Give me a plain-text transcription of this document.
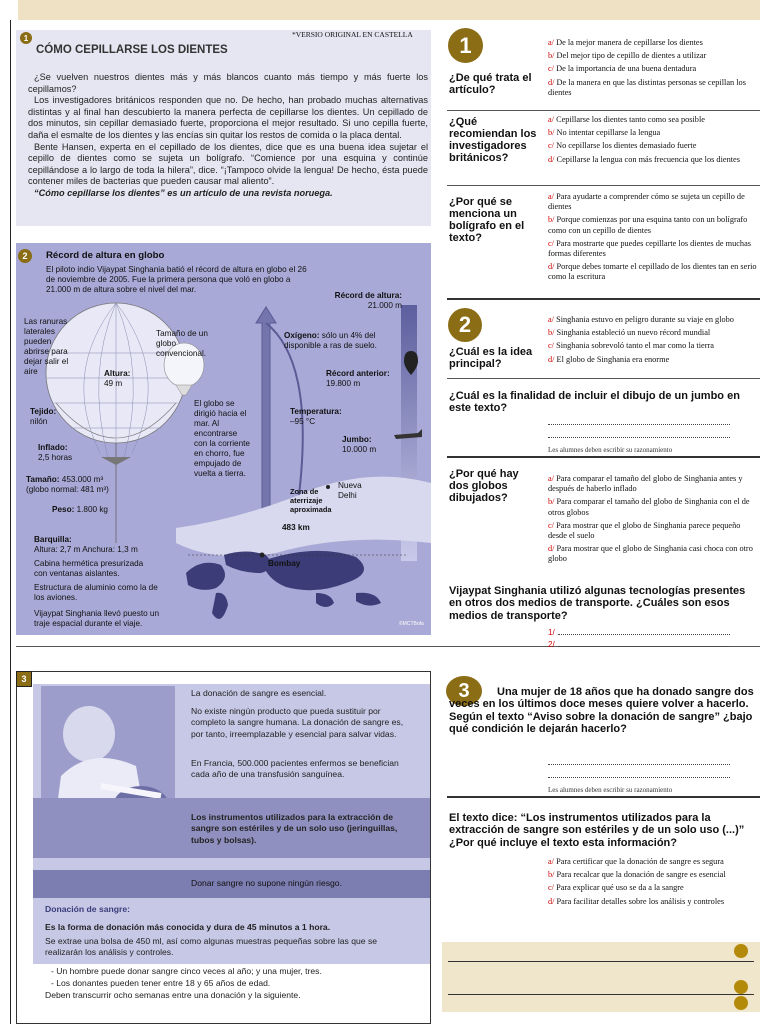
1	*VERSIO ORIGINAL EN CASTELLA
CÓMO CEPILLARSE LOS DIENTES

¿Se vuelven nuestros dientes más y más blancos cuanto más tiempo y más fuerte los cepillamos?

Los investigadores británicos responden que no. De hecho, han probado muchas alternativas distintas y al final han descubierto la manera perfecta de cepillarse los dientes. Un cepillado de dos minutos, sin cepillar demasiado fuerte, proporciona el mejor resultado. Si uno cepilla fuerte, daña el esmalte de los dientes y las encías sin quitar los restos de comida o la placa dental.

Bente Hansen, experta en el cepillado de los dientes, dice que es una buena idea sujetar el cepillo de dientes como se sujeta un bolígrafo. “Comience por una esquina y continúe cepillándose a lo largo de toda la hilera”, dice. “¡Tampoco olvide la lengua! De hecho, ésta puede contener miles de bacterias que pueden causar mal aliento”.

“Cómo cepillarse los dientes” es un artículo de una revista noruega.

2	Récord de altura en globo
El piloto indio Vijaypat Singhania batió el récord de altura en globo el 26 de noviembre de 2005. Fue la primera persona que voló en globo a 21.000 m de altura sobre el nivel del mar.
Récord de altura:
21.000 m
Las ranuras laterales pueden abrirse para dejar salir el aire
Tamaño de un globo convencional.
Altura:
49 m
Oxígeno: sólo un 4% del disponible a ras de suelo.
Récord anterior:
19.800 m
Tejido:
nilón
El globo se dirigió hacia el mar. Al encontrarse con la corriente en chorro, fue empujado de vuelta a tierra.
Temperatura:
–95 °C
Inflado:
2,5 horas
Jumbo:
10.000 m
Tamaño: 453.000 m³
(globo normal: 481 m³)
Peso: 1.800 kg
Zona de aterrizaje aproximada
Nueva Delhi
483 km
Bombay
Barquilla:
Altura: 2,7 m Anchura: 1,3 m
Cabina hermética presurizada con ventanas aislantes.
Estructura de aluminio como la de los aviones.
Vijaypat Singhania llevó puesto un traje espacial durante el viaje.	©MCTBofa
3
La donación de sangre es esencial.
No existe ningún producto que pueda sustituir por completo la sangre humana. La donación de sangre es, por tanto, irreemplazable y esencial para salvar vidas.
En Francia, 500.000 pacientes enfermos se benefician cada año de una transfusión sanguínea.
Los instrumentos utilizados para la extracción de sangre son estériles y de un solo uso (jeringuillas, tubos y bolsas).
Donar sangre no supone ningún riesgo.
Donación de sangre:
Es la forma de donación más conocida y dura de 45 minutos a 1 hora.
Se extrae una bolsa de 450 ml, así como algunas muestras pequeñas sobre las que se realizarán los análisis y controles.
- Un hombre puede donar sangre cinco veces al año; y una mujer, tres.
- Los donantes pueden tener entre 18 y 65 años de edad.
Deben transcurrir ocho semanas entre una donación y la siguiente.
1
¿De qué trata el artículo?
a/ De la mejor manera de cepillarse los dientes
b/ Del mejor tipo de cepillo de dientes a utilizar
c/ De la importancia de una buena dentadura
d/ De la manera en que las distintas personas se cepillan los dientes
¿Qué recomiendan los investigadores británicos?
a/ Cepillarse los dientes tanto como sea posible
b/ No intentar cepillarse la lengua
c/ No cepillarse los dientes demasiado fuerte
d/ Cepillarse la lengua con más frecuencia que los dientes
¿Por qué se menciona un bolígrafo en el texto?
a/ Para ayudarte a comprender cómo se sujeta un cepillo de dientes
b/ Porque comienzas por una esquina tanto con un bolígrafo como con un cepillo de dientes
c/ Para mostrarte que puedes cepillarte los dientes de muchas formas diferentes
d/ Porque debes tomarte el cepillado de los dientes tan en serio como la escritura
2
¿Cuál es la idea principal?
a/ Singhania estuvo en peligro durante su viaje en globo
b/ Singhania estableció un nuevo récord mundial
c/ Singhania sobrevoló tanto el mar como la tierra
d/ El globo de Singhania era enorme
¿Cuál es la finalidad de incluir el dibujo de un jumbo en este texto?
Les alumnes deben escribir su razonamiento
¿Por qué hay dos globos dibujados?
a/ Para comparar el tamaño del globo de Singhania antes y después de haberlo inflado
b/ Para comparar el tamaño del globo de Singhania con el de otros globos
c/ Para mostrar que el globo de Singhania parece pequeño desde el suelo
d/ Para mostrar que el globo de Singhania casi choca con otro globo
Vijaypat Singhania utilizó algunas tecnologías presentes en otros dos medios de transporte. ¿Cuáles son esos medios de transporte?
1/
2/
3	Una mujer de 18 años que ha donado sangre dos veces en los últimos doce meses quiere volver a hacerlo. Según el texto “Aviso sobre la donación de sangre” ¿bajo qué condición le dejarán hacerlo?
Les alumnes deben escribir su razonamiento
El texto dice: “Los instrumentos utilizados para la extracción de sangre son estériles y de un solo uso (...)” ¿Por qué incluye el texto esta información?
a/ Para certificar que la donación de sangre es segura
b/ Para recalcar que la donación de sangre es esencial
c/ Para explicar qué uso se da a la sangre
d/ Para facilitar detalles sobre los análisis y controles
